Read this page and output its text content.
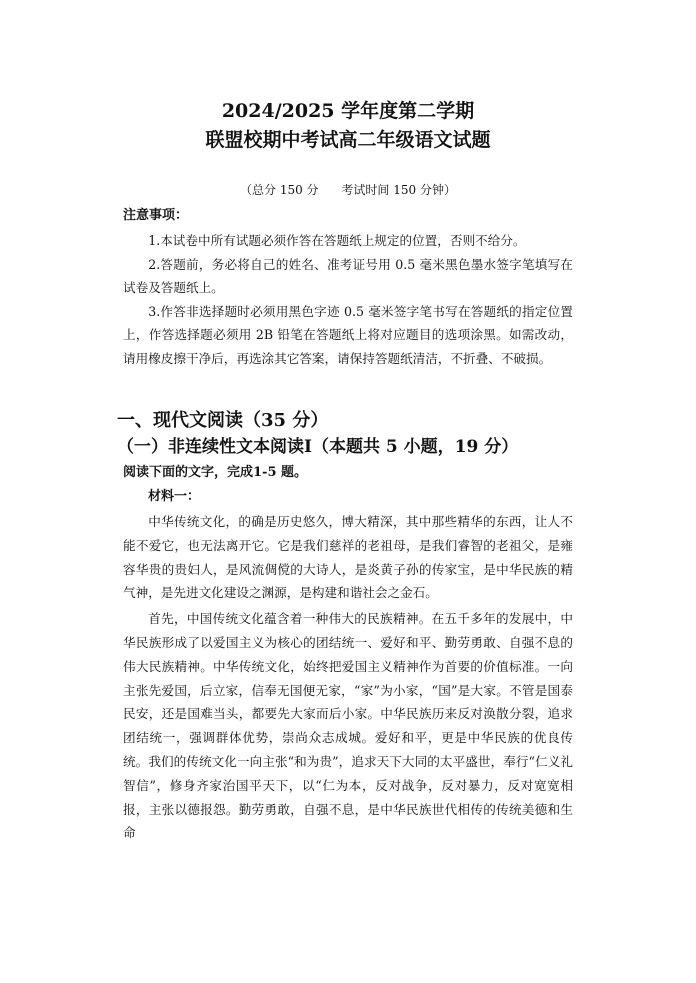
2024/2025 学年度第二学期
联盟校期中考试高二年级语文试题
（总分 150 分      考试时间 150 分钟）
注意事项：
1.本试卷中所有试题必须作答在答题纸上规定的位置，否则不给分。
2.答题前，务必将自己的姓名、准考证号用 0.5 毫米黑色墨水签字笔填写在试卷及答题纸上。
3.作答非选择题时必须用黑色字迹 0.5 毫米签字笔书写在答题纸的指定位置上，作答选择题必须用 2B 铅笔在答题纸上将对应题目的选项涂黑。如需改动，请用橡皮擦干净后，再选涂其它答案，请保持答题纸清洁，不折叠、不破损。
一、现代文阅读（35 分）
（一）非连续性文本阅读Ⅰ（本题共 5 小题，19 分）
阅读下面的文字，完成1-5 题。
材料一：

中华传统文化，的确是历史悠久，博大精深，其中那些精华的东西，让人不能不爱它，也无法离开它。它是我们慈祥的老祖母，是我们睿智的老祖父，是雍容华贵的贵妇人，是风流倜傥的大诗人，是炎黄子孙的传家宝，是中华民族的精气神，是先进文化建设之渊源，是构建和谐社会之金石。

首先，中国传统文化蕴含着一种伟大的民族精神。在五千多年的发展中，中华民族形成了以爱国主义为核心的团结统一、爱好和平、勤劳勇敢、自强不息的伟大民族精神。中华传统文化，始终把爱国主义精神作为首要的价值标准。一向主张先爱国，后立家，信奉无国便无家，“家”为小家，“国”是大家。不管是国泰民安，还是国难当头，都要先大家而后小家。中华民族历来反对涣散分裂，追求团结统一，强调群体优势，崇尚众志成城。爱好和平，更是中华民族的优良传统。我们的传统文化一向主张“和为贵”，追求天下大同的太平盛世，奉行“仁义礼智信”，修身齐家治国平天下，以“仁为本，反对战争，反对暴力，反对宽宽相报，主张以德报怨。勤劳勇敢，自强不息，是中华民族世代相传的传统美德和生命
